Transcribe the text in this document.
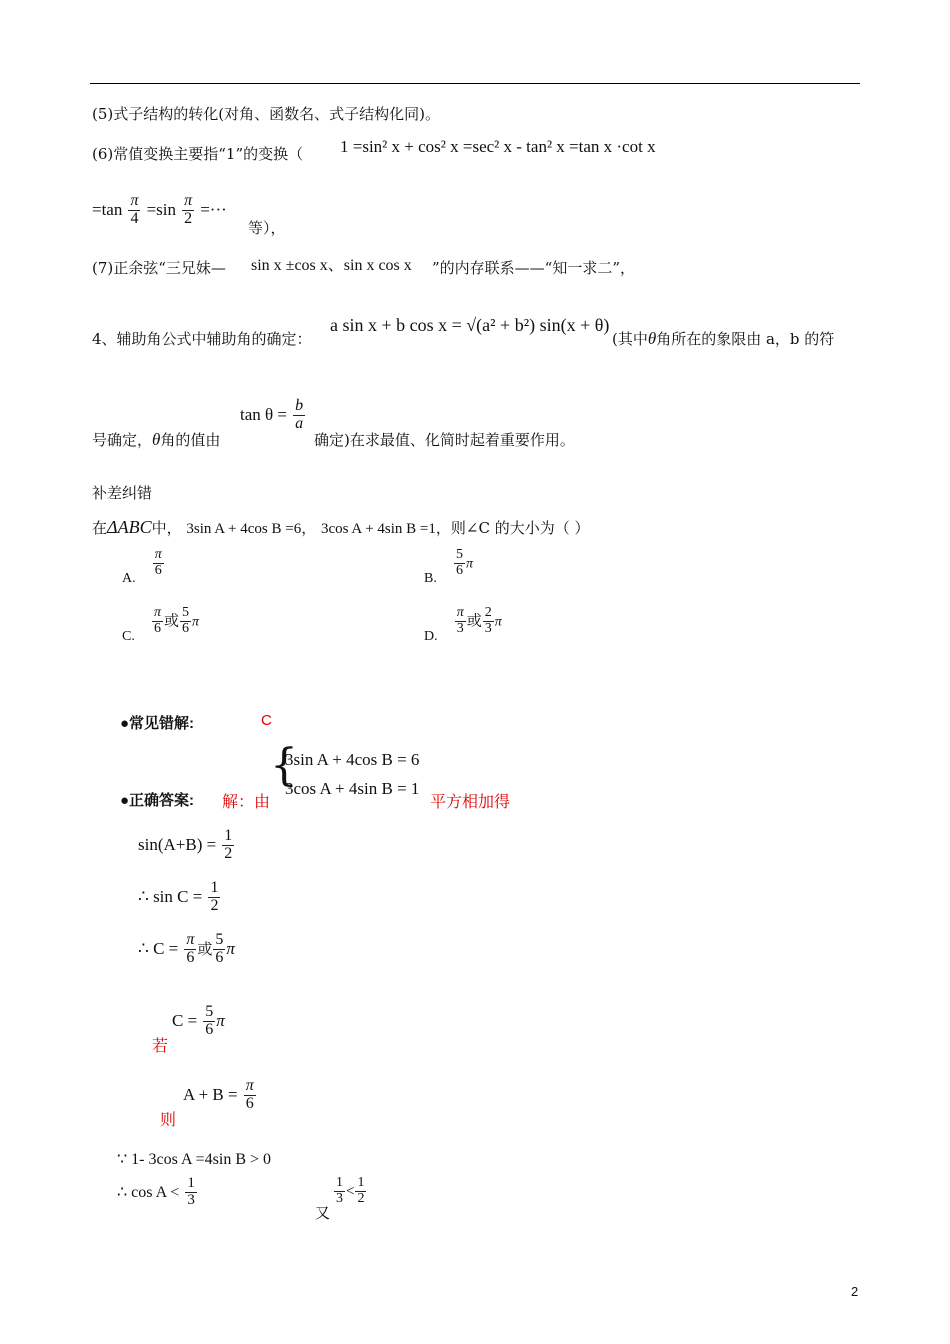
(5)式子结构的转化(对角、函数名、式子结构化同)。
(6)常值变换主要指“1”的变换（ 1 =sin² x + cos² x =sec² x - tan² x =tan x ·cot x
$=\tan \frac{\pi}{4} =\sin \frac{\pi}{2}$ =···
等），
(7)正余弦“三兄妹— sin x ±cos x、sin x cos x ”的内存联系——“知一求二”，
4、辅助角公式中辅助角的确定：
a sin x + b cos x = √(a² + b²) sin(x + θ)
(其中θ角所在的象限由 a，b 的符
号确定，θ角的值由
$\tan \theta = \frac{b}{a}$
确定)在求最值、化简时起着重要作用。
补差纠错
在ΔABC中， 3sin A + 4cos B =6， 3cos A + 4sin B =1，则∠C 的大小为（ ）
A. $\frac{\pi}{6}$	B. $\frac{5}{6}$ π
C. $\frac{\pi}{6}$ 或 $\frac{5}{6}$ π
D. $\frac{\pi}{3}$ 或 $\frac{2}{3}$ π
●常见错解:	C
●正确答案: 解：由
{
3sin A + 4cos B = 6
3cos A + 4sin B = 1
平方相加得
$\sin(A+B) = \frac{1}{2}$
∴ $\sin C = \frac{1}{2}$
∴ $C = \frac{\pi}{6}$ 或 $\frac{5}{6}$ π
$C = \frac{5}{6}$ π
若
$A + B = \frac{\pi}{6}$
则
∵ 1- 3cos A =4sin B > 0
∴ $\cos A < \frac{1}{3}$
又
$\frac{1}{3} < \frac{1}{2}$
2
